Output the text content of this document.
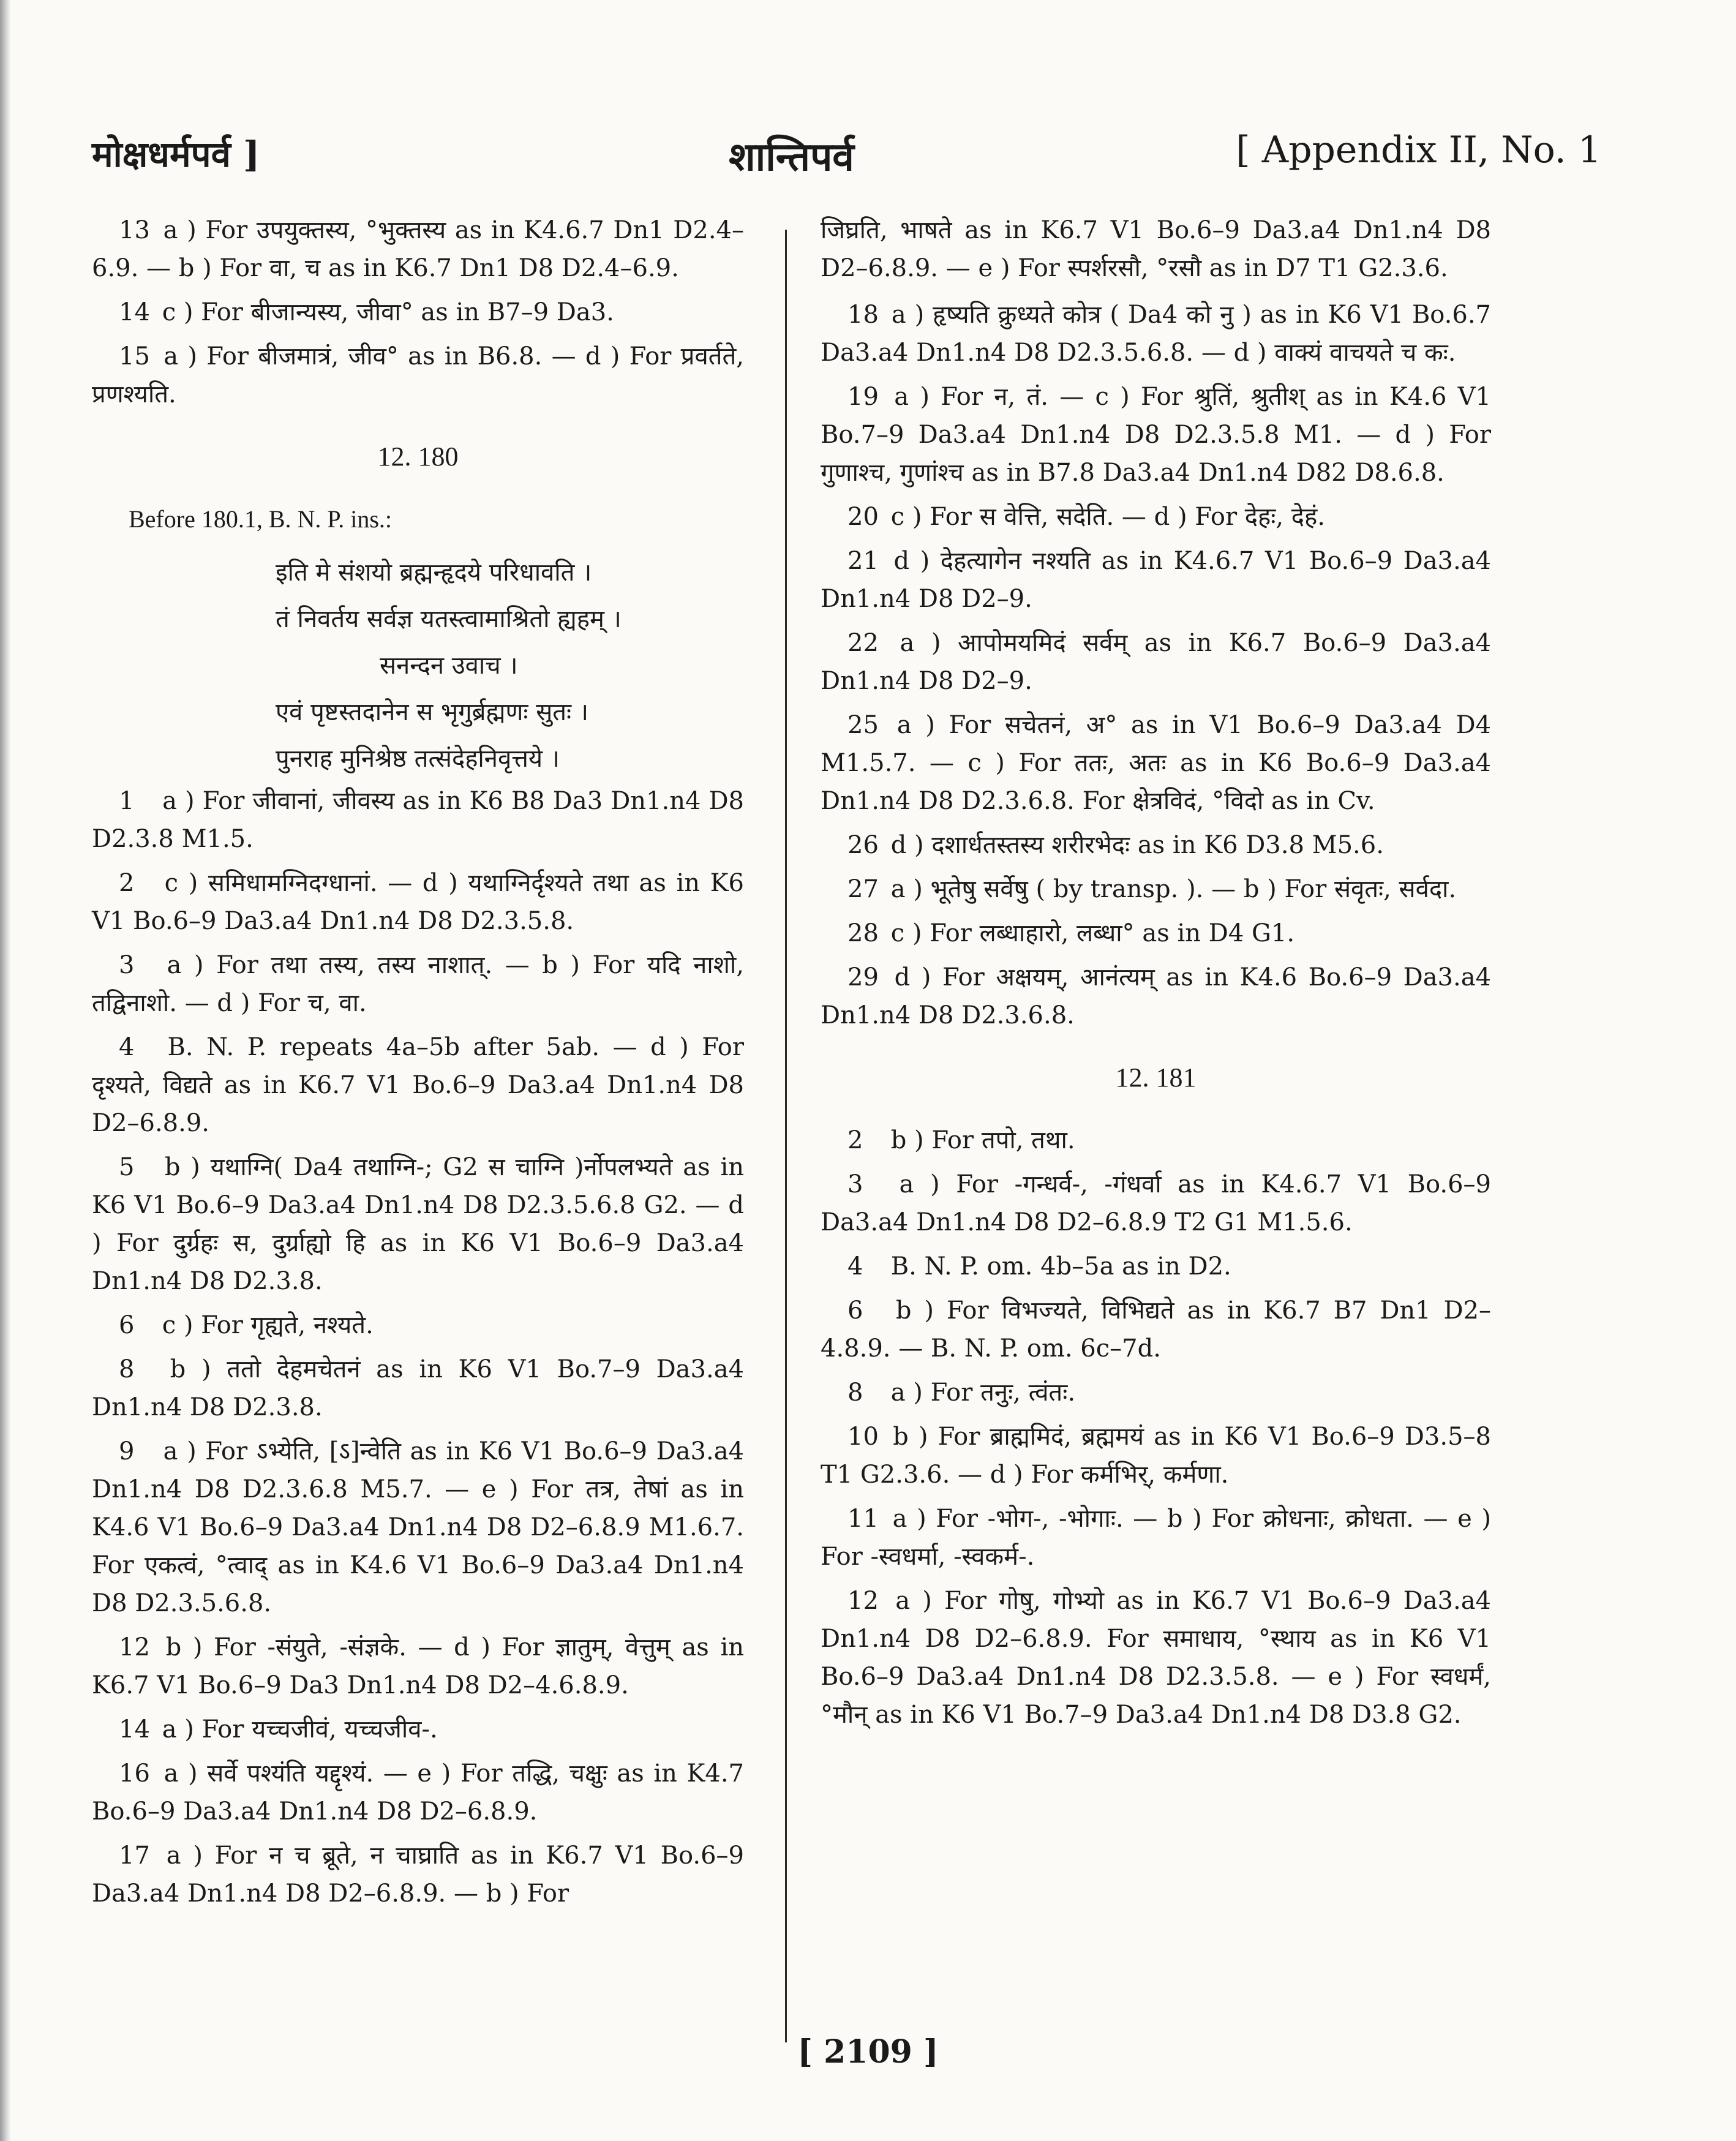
मोक्षधर्मपर्व ]	शान्तिपर्व	[ Appendix II, No. 1
13 a ) For उपयुक्तस्य, °भुक्तस्य as in K4.6.7 Dn1 D2.4–6.9. — b ) For वा, च as in K6.7 Dn1 D8 D2.4–6.9.
14 c ) For बीजान्यस्य, जीवा° as in B7–9 Da3.
15 a ) For बीजमात्रं, जीव° as in B6.8. — d ) For प्रवर्तते, प्रणश्यति.
12. 180
Before 180.1, B. N. P. ins.:
इति मे संशयो ब्रह्मन्हृदये परिधावति ।
तं निवर्तय सर्वज्ञ यतस्त्वामाश्रितो ह्यहम् ।
सनन्दन उवाच ।
एवं पृष्टस्तदानेन स भृगुर्ब्रह्मणः सुतः ।
पुनराह मुनिश्रेष्ठ तत्संदेहनिवृत्तये ।
1 a ) For जीवानां, जीवस्य as in K6 B8 Da3 Dn1.n4 D8 D2.3.8 M1.5.
2 c ) समिधामग्निदग्धानां. — d ) यथाग्निर्दृश्यते तथा as in K6 V1 Bo.6–9 Da3.a4 Dn1.n4 D8 D2.3.5.8.
3 a ) For तथा तस्य, तस्य नाशात्. — b ) For यदि नाशो, तद्विनाशो. — d ) For च, वा.
4 B. N. P. repeats 4a–5b after 5ab. — d ) For दृश्यते, विद्यते as in K6.7 V1 Bo.6–9 Da3.a4 Dn1.n4 D8 D2–6.8.9.
5 b ) यथाग्नि( Da4 तथाग्नि-; G2 स चाग्नि )र्नोपलभ्यते as in K6 V1 Bo.6–9 Da3.a4 Dn1.n4 D8 D2.3.5.6.8 G2. — d ) For दुर्ग्रहः स, दुर्ग्राह्यो हि as in K6 V1 Bo.6–9 Da3.a4 Dn1.n4 D8 D2.3.8.
6 c ) For गृह्यते, नश्यते.
8 b ) ततो देहमचेतनं as in K6 V1 Bo.7–9 Da3.a4 Dn1.n4 D8 D2.3.8.
9 a ) For ऽभ्येति, [ऽ]न्वेति as in K6 V1 Bo.6–9 Da3.a4 Dn1.n4 D8 D2.3.6.8 M5.7. — e ) For तत्र, तेषां as in K4.6 V1 Bo.6–9 Da3.a4 Dn1.n4 D8 D2–6.8.9 M1.6.7. For एकत्वं, °त्वाद् as in K4.6 V1 Bo.6–9 Da3.a4 Dn1.n4 D8 D2.3.5.6.8.
12 b ) For -संयुते, -संज्ञके. — d ) For ज्ञातुम्, वेत्तुम् as in K6.7 V1 Bo.6–9 Da3 Dn1.n4 D8 D2–4.6.8.9.
14 a ) For यच्चजीवं, यच्चजीव-.
16 a ) सर्वे पश्यंति यद्दृश्यं. — e ) For तद्धि, चक्षुः as in K4.7 Bo.6–9 Da3.a4 Dn1.n4 D8 D2–6.8.9.
17 a ) For न च ब्रूते, न चाघ्राति as in K6.7 V1 Bo.6–9 Da3.a4 Dn1.n4 D8 D2–6.8.9. — b ) For
जिघ्रति, भाषते as in K6.7 V1 Bo.6–9 Da3.a4 Dn1.n4 D8 D2–6.8.9. — e ) For स्पर्शरसौ, °रसौ as in D7 T1 G2.3.6.
18 a ) हृष्यति क्रुध्यते कोत्र ( Da4 को नु ) as in K6 V1 Bo.6.7 Da3.a4 Dn1.n4 D8 D2.3.5.6.8. — d ) वाक्यं वाचयते च कः.
19 a ) For न, तं. — c ) For श्रुतिं, श्रुतीश् as in K4.6 V1 Bo.7–9 Da3.a4 Dn1.n4 D8 D2.3.5.8 M1. — d ) For गुणाश्च, गुणांश्च as in B7.8 Da3.a4 Dn1.n4 D82 D8.6.8.
20 c ) For स वेत्ति, सदेति. — d ) For देहः, देहं.
21 d ) देहत्यागेन नश्यति as in K4.6.7 V1 Bo.6–9 Da3.a4 Dn1.n4 D8 D2–9.
22 a ) आपोमयमिदं सर्वम् as in K6.7 Bo.6–9 Da3.a4 Dn1.n4 D8 D2–9.
25 a ) For सचेतनं, अ° as in V1 Bo.6–9 Da3.a4 D4 M1.5.7. — c ) For ततः, अतः as in K6 Bo.6–9 Da3.a4 Dn1.n4 D8 D2.3.6.8. For क्षेत्रविदं, °विदो as in Cv.
26 d ) दशार्धतस्तस्य शरीरभेदः as in K6 D3.8 M5.6.
27 a ) भूतेषु सर्वेषु ( by transp. ). — b ) For संवृतः, सर्वदा.
28 c ) For लब्धाहारो, लब्धा° as in D4 G1.
29 d ) For अक्षयम्, आनंत्यम् as in K4.6 Bo.6–9 Da3.a4 Dn1.n4 D8 D2.3.6.8.
12. 181
2 b ) For तपो, तथा.
3 a ) For -गन्धर्व-, -गंधर्वा as in K4.6.7 V1 Bo.6–9 Da3.a4 Dn1.n4 D8 D2–6.8.9 T2 G1 M1.5.6.
4 B. N. P. om. 4b–5a as in D2.
6 b ) For विभज्यते, विभिद्यते as in K6.7 B7 Dn1 D2–4.8.9. — B. N. P. om. 6c–7d.
8 a ) For तनुः, त्वंतः.
10 b ) For ब्राह्ममिदं, ब्रह्ममयं as in K6 V1 Bo.6–9 D3.5–8 T1 G2.3.6. — d ) For कर्मभिर्, कर्मणा.
11 a ) For -भोग-, -भोगाः. — b ) For क्रोधनाः, क्रोधता. — e ) For -स्वधर्मा, -स्वकर्म-.
12 a ) For गोषु, गोभ्यो as in K6.7 V1 Bo.6–9 Da3.a4 Dn1.n4 D8 D2–6.8.9. For समाधाय, °स्थाय as in K6 V1 Bo.6–9 Da3.a4 Dn1.n4 D8 D2.3.5.8. — e ) For स्वधर्मं, °मौन् as in K6 V1 Bo.7–9 Da3.a4 Dn1.n4 D8 D3.8 G2.
[ 2109 ]
